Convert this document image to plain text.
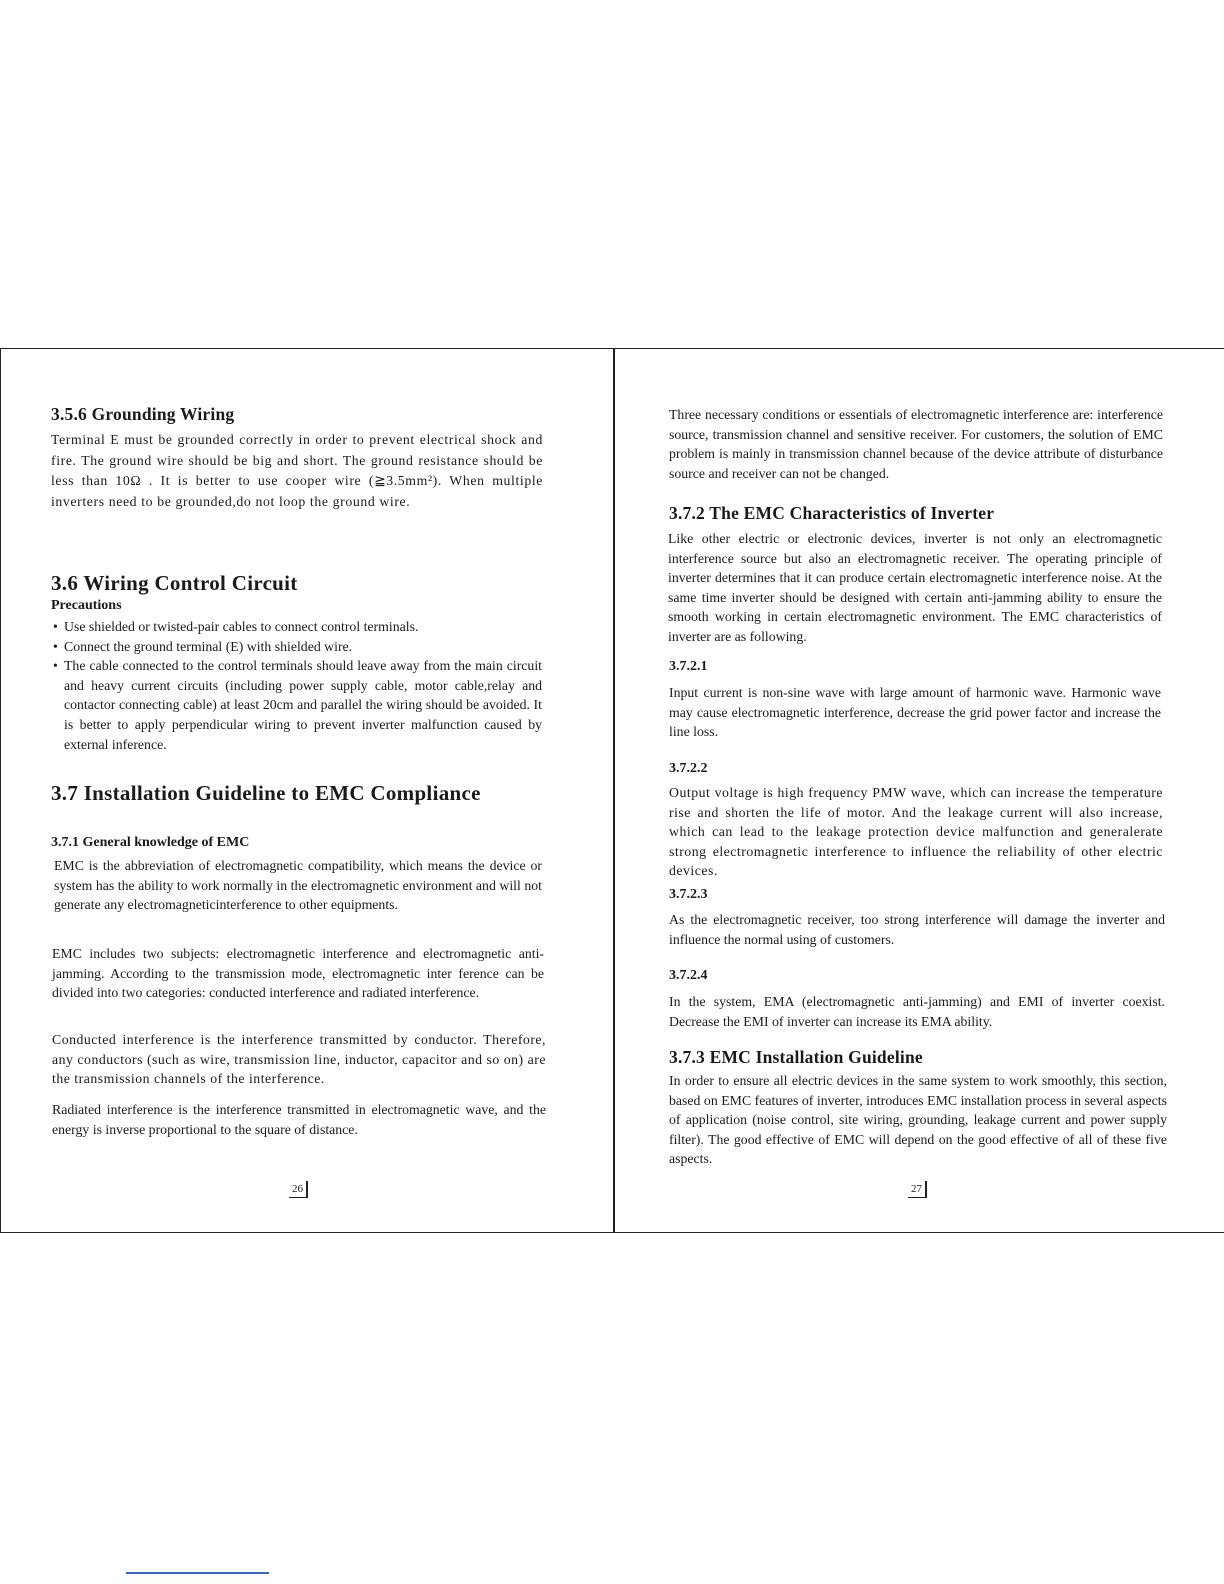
3.5.6 Grounding Wiring

Terminal E must be grounded correctly in order to prevent electrical shock and fire. The ground wire should be big and short. The ground resistance should be less than 10Ω . It is better to use cooper wire (≧3.5mm²). When multiple inverters need to be grounded,do not loop the ground wire.

3.6 Wiring Control Circuit
Precautions
• Use shielded or twisted-pair cables to connect control terminals.
• Connect the ground terminal (E) with shielded wire.
• The cable connected to the control terminals should leave away from the main circuit and heavy current circuits (including power supply cable, motor cable,relay and contactor connecting cable) at least 20cm and parallel the wiring should be avoided. It is better to apply perpendicular wiring to prevent inverter malfunction caused by external inference.
3.7 Installation Guideline to EMC Compliance
3.7.1 General knowledge of EMC

EMC is the abbreviation of electromagnetic compatibility, which means the device or system has the ability to work normally in the electromagnetic environment and will not generate any electromagneticinterference to other equipments.

EMC includes two subjects: electromagnetic interference and electromagnetic anti-jamming. According to the transmission mode, electromagnetic inter ference can be divided into two categories: conducted interference and radiated interference.

Conducted interference is the interference transmitted by conductor. Therefore, any conductors (such as wire, transmission line, inductor, capacitor and so on) are the transmission channels of the interference.

Radiated interference is the interference transmitted in electromagnetic wave, and the energy is inverse proportional to the square of distance.

26

Three necessary conditions or essentials of electromagnetic interference are: interference source, transmission channel and sensitive receiver. For customers, the solution of EMC problem is mainly in transmission channel because of the device attribute of disturbance source and receiver can not be changed.

3.7.2 The EMC Characteristics of Inverter

Like other electric or electronic devices, inverter is not only an electromagnetic interference source but also an electromagnetic receiver. The operating principle of inverter determines that it can produce certain electromagnetic interference noise. At the same time inverter should be designed with certain anti-jamming ability to ensure the smooth working in certain electromagnetic environment. The EMC characteristics of inverter are as following.

3.7.2.1

Input current is non-sine wave with large amount of harmonic wave. Harmonic wave may cause electromagnetic interference, decrease the grid power factor and increase the line loss.

3.7.2.2

Output voltage is high frequency PMW wave, which can increase the temperature rise and shorten the life of motor. And the leakage current will also increase, which can lead to the leakage protection device malfunction and generalerate strong electromagnetic interference to influence the reliability of other electric devices.

3.7.2.3

As the electromagnetic receiver, too strong interference will damage the inverter and influence the normal using of customers.

3.7.2.4

In the system, EMA (electromagnetic anti-jamming) and EMI of inverter coexist. Decrease the EMI of inverter can increase its EMA ability.

3.7.3 EMC Installation Guideline

In order to ensure all electric devices in the same system to work smoothly, this section, based on EMC features of inverter, introduces EMC installation process in several aspects of application (noise control, site wiring, grounding, leakage current and power supply filter). The good effective of EMC will depend on the good effective of all of these five aspects.

27
